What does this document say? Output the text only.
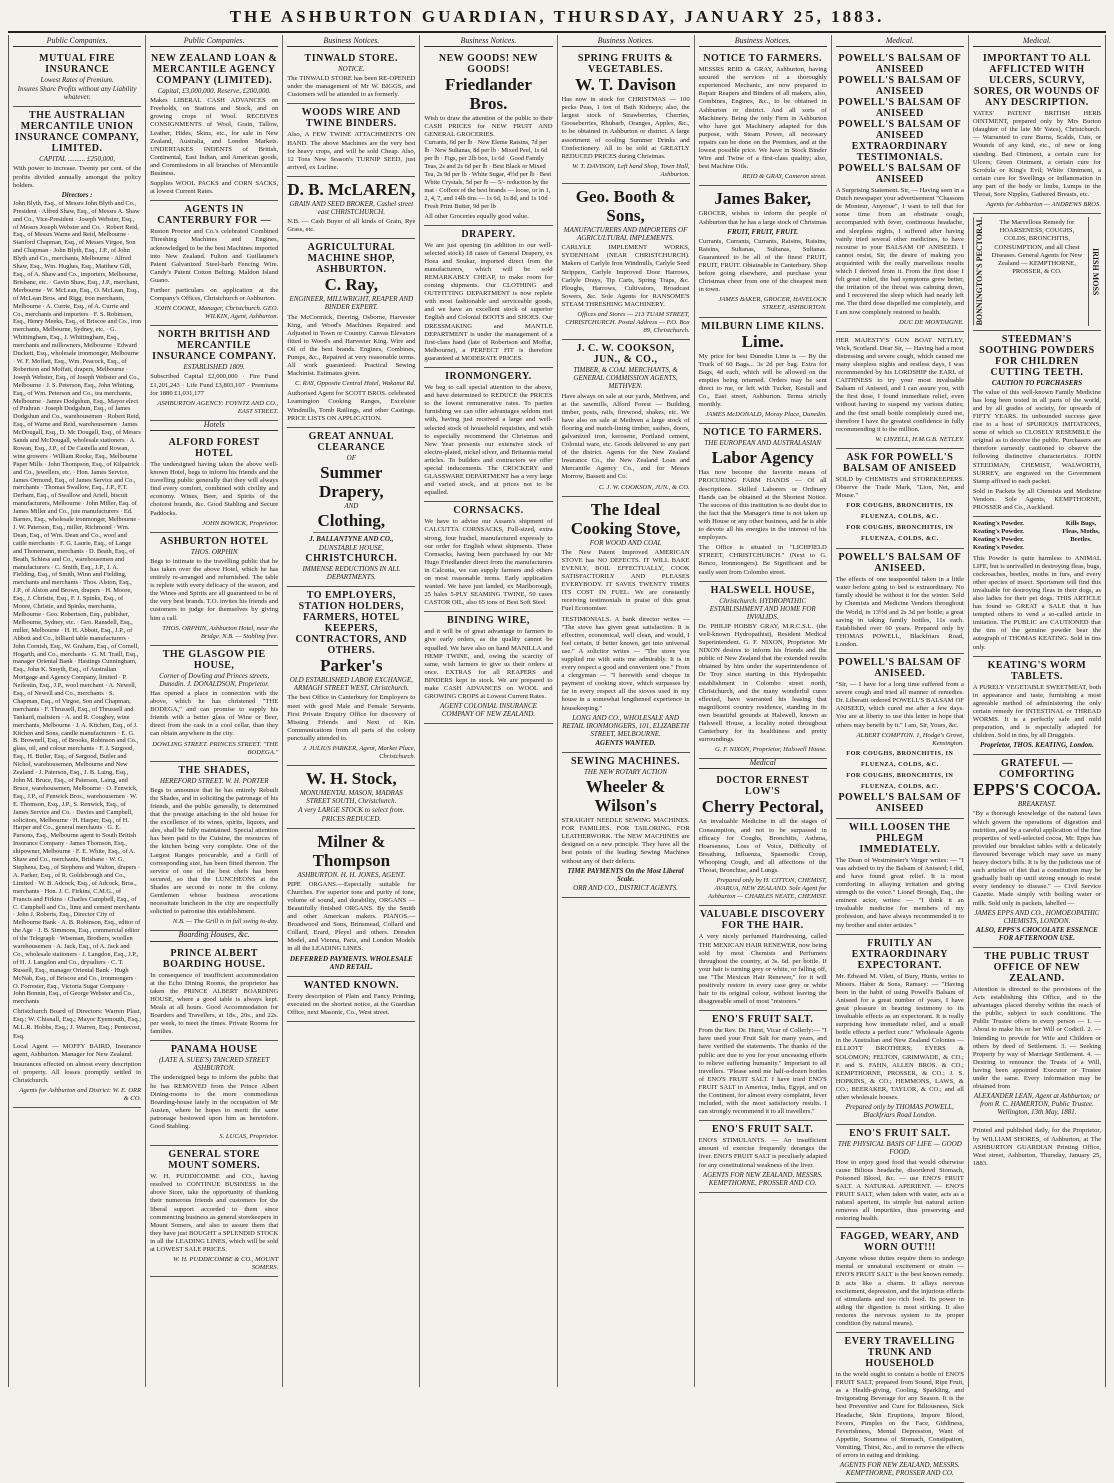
THE ASHBURTON GUARDIAN, THURSDAY, JANUARY 25, 1883.
Public Companies.
MUTUAL FIRE INSURANCE
Lowest Rates of Premium.
Insures Share Profits without any Liability whatever.
THE AUSTRALIAN MERCANTILE UNION INSURANCE COMPANY, LIMITED.
CAPITAL .......... £250,000,
With power to increase. Twenty per cent. of the profits divided annually amongst the policy holders.
Directors :
John Blyth, Esq., of Messrs John Blyth and Co., President · Alfred Shaw, Esq., of Messrs A. Shaw and Co., Vice-President · Joseph Webster, Esq., of Messrs Joseph Webster and Co. · Robert Reid, Esq., of Messrs Warne and Reid, Melbourne · Stanford Chapman, Esq., of Messrs Virgoe, Son and Chapman · John Blyth, Esq., J.P., of John Blyth and Co., merchants, Melbourne · Alfred Shaw, Esq., Wm. Hughes, Esq., Matthew Gill, Esq., of A. Shaw and Co., importers, Melbourne, Brisbane, etc. · Gavin Shaw, Esq., J.P., merchant, Merbourne · W. McLean, Esq., O. McLean, Esq., of McLean Bros. and Rigg, iron merchants, Melbourne · A. Currie, Esq., of A. Currie and Co., merchants and importers · F. S. Robinson, Esq., Henry Meeks, Esq., of Briscoe and Co., iron merchants, Melbourne, Sydney, etc. · G. Whittingham, Esq., J. Whittingham, Esq., merchants and millowners, Melbourne · Edward Duckett, Esq., wholesale ironmonger, Melbourne · W. F. Moffatt, Esq., Wm. Peacock, Esq., of Robertson and Moffatt, drapers, Melbourne · Joseph Webster, Esq., of Joseph Webster and Co., Melbourne · J. S. Peterson, Esq., John Whiting, Esq., of Wm. Peterson and Co., tea merchants, Melbourne · James Dodgshun, Esq., Mayor elect of Prahran · Joseph Dodgshun, Esq., of James Dodgshun and Co., warehousemen · Robert Reid, Esq., of Warne and Reid, warehousemen · James McDougall, Esq., D. Mc Dougall, Esq., of Messrs Sands and McDougall, wholesale stationers · A. Rowan, Esq., J.P., of De Castella and Rowan, wine growers · William Rooke, Esq., Melbourne Paper Mills · John Thompson, Esq., of Kilpatrick and Co., jewellers, etc. · Hon. James Service, James Ormond, Esq., of James Service and Co., merchants · Thomas Swallow, Esq., J.P., F.T. Derham, Esq., of Swallow and Ariell, biscuit manufacturers, Melbourne · John Miller, Esq. of James Miller and Co., jute manufacturers · Ed. Barnes, Esq., wholesale ironmonger, Melbourne · J. W. Paterson, Esq., miller, Richmond · Wm. Dean, Esq., of Wm. Dean and Co., wool and cattle merchants · F. G. Laurie, Esq., of Lange and Thonemann, merchants · D. Beath, Esq., of Beath, Schiess and Co., warehousemen and manufacturers · C. Smith, Esq., J.P., J. A. Fielding, Esq., of Smith, Winn and Fielding, merchants and merchants · Thos. Alston, Esq., J.P., of Alston and Brown, drapers · H. Moore, Esq., J. Christie, Esq., F. J. Spinks, Esq., of Moore, Christie, and Spinks, merchants, Melbourne · Geo. Robertson, Esq., publisher, Melbourne, Sydney, etc. · Geo. Ransdell, Esq., miller, Melbourne · H. H. Abbott, Esq., J.P., of Abbott and Co., billiard table manufacturers · John Cornish, Esq., W. Graham, Esq., of Cornell, Hogarth, and Co., merchants · G. M. Traill, Esq., manager Oriental Bank · Hastings Cunningham, Esq., John K. Smyth, Esq., of Australian Mortgage and Agency Company, limited · P. Neilestin, Esq., J.P., wool merchant · A. Newell, Esq., of Newell and Co., merchants · S. Chapman, Esq., of Virgoe, Son and Chapman, merchants · F. Thrussell, Esq., of Thrussell and Tankard, maltsters · A. and R. Coughey, wine merchants, Melbourne · J. A. Kitchen, Esq., of J. Kitchen and Sons, candle manufacturers · E. G. B. Brownell, Esq., of Brooks, Robinson and Co., glass, oil, and colour merchants · F. J. Sargood, Esq., H. Butler, Esq., of Sargood, Butler and Nichol, warehousemen, Melbourne and New Zealand · J. Paterson, Esq., J. B. Laing, Esq., John M. Bruce, Esq., of Paterson, Laing, and Bruce, warehousemen, Melbourne · O. Fenwick, Esq., J.P., of Fenwick Bros., warehousemen · W. E. Thomson, Esq., J.P., S. Renwick, Esq., of James Service and Co. · Davies and Campbell, solicitors, Melbourne · H. Harper, Esq., of H. Harper and Co., general merchants · G. E. Parsons, Esq., Melbourne agent to South British Insurance Company · James Thomson, Esq., shipowner, Melbourne · F. E. White, Esq., of A. Shaw and Co., merchants, Brisbane · W. G. Stephens, Esq., of Stephens and Walton, drapers · A. Parker, Esq., of R. Goldsbrough and Co., Limited · W. B. Adcock, Esq., of Adcock, Bros., merchants · Hon. J. C. Firkins, C.M.G., of Francis and Firkins · Charles Campbell, Esq., of C. Campbell and Co., lime and cement merchants · John J. Roberts, Esq., Director City of Melbourne Bank · A. B. Robinson, Esq., editor of the Age · J. B. Simmons, Esq., commercial editor of the Telegraph · Wiseman, Brothers, woollen warehousemen · A. Jack, Esq., of A. Jack and Co., wholesale stationers · J. Langdon, Esq., J.P., of H. J. Langdon and Co., drysalters · C. T. Russell, Esq., manager Oriental Bank · Hugh McNab, Esq., of Briscoe and Co., ironmongers · O. Forrester, Esq., Victoria Sugar Company · John Bonnin, Esq., of George Webster and Co., merchants
Christchurch Board of Directors: Warren Plast, Esq.; W. Chisnall, Esq.; Mayor Eyemouth, Esq.; M.L.R. Hobbs, Esq.; J. Warren, Esq.; Pentecost, Esq.
Local Agent — MOFFY BAIRD, Insurance agent, Ashburton. Manager for New Zealand.
Insurances effected on almost every description of property. All losses promptly settled in Christchurch.
Agents for Ashburton and District: W. E. ORR & CO.
Public Companies.
NEW ZEALAND LOAN & MERCANTILE AGENCY COMPANY (LIMITED).
Capital, £3,000,000. Reserve, £200,000.
Makes LIBERAL CASH ADVANCES on Freeholds, on Stations and Stock, and on growing crops of Wool. RECEIVES CONSIGNMENTS of Wool, Grain, Tallow, Leather, Hides, Skins, etc., for sale in New Zealand, Australia, and London Markets. UNDERTAKES INDENTS of British, Continental, East Indian, and American goods, and Commissions in all branches of Mercantile Business.
Supplies WOOL PACKS and CORN SACKS, at lowest Current Rates.
AGENTS IN CANTERBURY FOR —
Ruston Proctor and Co.'s celebrated Combined Threshing Machines and Engines, acknowledged to be the best Machines imported into New Zealand. Fulton and Guillaume's Patent Galvanized Steel-barb Fencing Wire. Candy's Patent Cotton Belting. Maldon Island Guano.
Further particulars on application at the Company's Offices, Christchurch or Ashburton.
JOHN COOKE, Manager, Christchurch. GEO. WILKIN, Agent, Ashburton.
NORTH BRITISH AND MERCANTILE INSURANCE COMPANY.
ESTABLISHED 1809.
Subscribed Capital £2,000,000 · Fire Fund £1,201,243 · Life Fund £3,803,107 · Premiums for 1880 £1,031,177
ASHBURTON AGENCY: FOYNTZ AND CO., EAST STREET.
Hotels
ALFORD FOREST HOTEL
The undersigned having taken the above well-known Hotel, begs to inform his friends and the travelling public generally that they will always find every comfort, combined with civility and economy. Wines, Beer, and Spirits of the choicest brands, &c. Good Stabling and Secure Paddocks.
JOHN BOWICK, Proprietor.
ASHBURTON HOTEL
THOS. ORPHIN
Begs to intimate to the travelling public that he has taken over the above Hotel, which he has entirely re-arranged and refurnished. The table is replete with every delicacy of the season, and the Wines and Spirits are all guaranteed to be of the very best brands. T.O. invites his friends and customers to judge for themselves by giving him a call.
THOS. ORPHIN, Ashburton Hotel, near the Bridge. N.B. — Stabling free.
THE GLASGOW PIE HOUSE,
Corner of Dowling and Princes streets, Dunedin. J. DONALDSON, Proprietor.
Has opened a place in connection with the above, which he has christened "THE BODEGA," and can promise to supply his friends with a better glass of Wine or Beer, direct from the cask in a cool cellar, than they can obtain anywhere in the city.
DOWLING STREET. PRINCES STREET. "THE BODEGA."
THE SHADES,
HEREFORD STREET. W. H. PORTER
Begs to announce that he has entirely Rebuilt the Shades, and in soliciting the patronage of his friends, and the public generally, is determined that the prestige attaching to the old house for the excellence of its wines, spirits, liquors, and ales, shall be fully maintained. Special attention has been paid to the Cuisine, the resources of the kitchen being very complete. One of the Largest Ranges procurable, and a Grill of corresponding size, has been fitted thereon. The service of one of the best chefs has been secured, so that the LUNCHEONS at the Shades are second to none in the colony. Gentlemen whose business avocations necessitate luncheon in the city are respectfully solicited to patronise this establishment.
N.B. — The Grill is in full swing to-day.
Boarding Houses, &c.
PRINCE ALBERT BOARDING HOUSE.
In consequence of insufficient accommodation at the Echo Dining Rooms, the proprietor has taken the PRINCE ALBERT BOARDING HOUSE, where a good table is always kept. Meals at all hours. Good Accommodation for Boarders and Travellers, at 18s., 20s., and 22s. per week, to meet the times. Private Rooms for families.
PANAMA HOUSE
(LATE A. SUEE'S) TANCRED STREET ASHBURTON.
The undersigned begs to inform the public that he has REMOVED from the Prince Albert Dining-rooms to the more commodious Boarding-house lately in the occupation of Mr Austen, where he hopes to merit the same patronage bestowed upon him as heretofore. Good Stabling.
S. LUCAS, Proprietor.
GENERAL STORE MOUNT SOMERS.
W. H. PUDDICOMBE and CO., having resolved to CONTINUE BUSINESS in the above Store, take the opportunity of thanking their numerous friends and customers for the liberal support accorded to them since commencing business as general storekeepers in Mount Somers, and also to assure them that they have just BOUGHT a SPLENDID STOCK in all the LEADING LINES, which will be sold at LOWEST SALE PRICES.
W. H. PUDDICOMBE & CO., MOUNT SOMERS.
Business Notices.
TINWALD STORE.
NOTICE.
The TINWALD STORE has been RE-OPENED under the management of Mr W. BIGGS, and Customers will be attended to as formerly.
WOODS WIRE AND TWINE BINDERS.
Also, A FEW TWINE ATTACHMENTS ON HAND. The above Machines are the very best for heavy crops, and will be sold Cheap. Also, 12 Tons New Season's TURNIP SEED, just arrived, ex Lurline.
D. B. McLAREN,
GRAIN AND SEED BROKER, Cashel street east CHRISTCHURCH.
N.B. — Cash Buyer of all kinds of Grain, Rye Grass, etc.
AGRICULTURAL MACHINE SHOP, ASHBURTON.
C. Ray,
ENGINEER, MILLWRIGHT, REAPER AND BINDER EXPERT.
The McCormick, Deering, Osborne, Harvester King, and Wood's Machines Repaired and Adjusted in Town or Country. Canvas Elevators fitted to Wood's and Harvester King. Wire and Oil of the best brands. Engines, Combines, Pumps, &c., Repaired at very reasonable terms. All work guaranteed. Practical Sewing Machinist. Estimates given.
C. RAY, Opposite Central Hotel, Wakanui Rd.
Authorised Agent for SCOTT BROS. celebrated Leamington Cooking Ranges, Excelsior Windmills, Tomb Railings, and other Castings. PRICE LISTS ON APPLICATION.
GREAT ANNUAL CLEARANCE
OF
Summer Drapery,
AND
Clothing,
J. BALLANTYNE AND CO.,
DUNSTABLE HOUSE,
CHRISTCHURCH.
IMMENSE REDUCTIONS IN ALL DEPARTMENTS.
TO EMPLOYERS, STATION HOLDERS, FARMERS, HOTEL KEEPERS, CONTRACTORS, AND OTHERS.
Parker's
OLD ESTABLISHED LABOR EXCHANGE, ARMAGH STREET WEST, Christchurch.
The best Office in Canterbury for Employers to meet with good Male and Female Servants. First Private Enquiry Office for discovery of Missing Friends and Next of Kin. Communications from all parts of the colony punctually attended to.
J. JULIUS PARKER, Agent, Market Place, Christchurch.
W. H. Stock,
MONUMENTAL MASON, MADRAS STREET SOUTH, Christchurch.
A very LARGE STOCK to select from. PRICES REDUCED.
Milner & Thompson
ASHBURTON. H. H. JONES, AGENT.
PIPE ORGANS.—Especially suitable for Churches. For superior tone and purity of tone, volume of sound, and durability, ORGANS — Beautifully finished ORGANS. By the Smith and other American makers. PIANOS.—Broadwood and Sons, Brinsmead, Collard and Collard, Erard, Pleyel and others. Dresden Model, and Vienna, Paris, and London Models in all the LEADING LINES.
DEFERRED PAYMENTS. WHOLESALE AND RETAIL.
WANTED KNOWN.
Every description of Plain and Fancy Printing, executed on the shortest notice, at the Guardian Office, next Masonic, Co., West street.
Business Notices.
NEW GOODS! NEW GOODS!
Friedlander Bros.
Wish to draw the attention of the public to their CASH PRICES for NEW FRUIT AND GENERAL GROCERIES.
Currants, 6d per lb · New Eleme Raisins, 7d per lb · New Sultanas, 8d per lb · Mixed Peel, 1s 6d per lb · Figs, per 2lb box, 1s 6d · Good Family Teas, 2s and 2s 6d per lb · Best Black or Mixed Tea, 2s 9d per lb · White Sugar, 4½d per lb · Best White Crystals, 5d per lb — 5/- reduction by the mat · Coffees of the best brands — loose, or in 1, 2, 4, 7, and 14lb tins — 1s 6d, 1s 8d, and 1s 10d · Fresh Print Butter, 9d per lb
All other Groceries equally good value.
DRAPERY.
We are just opening (in addition to our well-selected stock) 18 cases of General Drapery, ex Hoea and Soukar, imported direct from the manufacturers, which will be sold REMARKABLY CHEAP, to make room for coming shipments. Our CLOTHING and OUTFITTING DEPARTMENT is now replete with most fashionable and serviceable goods, and we have an excellent stock of superior English and Colonial BOOTS and SHOES. Our DRESSMAKING and MANTLE DEPARTMENT is under the management of a first-class hand (late of Robertson and Moffat, Melbourne), a PERFECT FIT is therefore guaranteed at MODERATE PRICES.
IRONMONGERY.
We beg to call special attention to the above, and have determined to REDUCE the PRICES to the lowest remunerative rates. To parties furnishing we can offer advantages seldom met with, having just received a large and well-selected stock of household requisites, and wish to especially recommend the Christmas and New Year presents our extensive stock of electro-plated, nickel silver, and Britannia metal articles. To builders and contractors we offer special inducements. The CROCKERY and GLASSWARE DEPARTMENT has a very large and varied stock, and at prices not to be equalled.
CORNSACKS.
We have to advise our Assam's shipment of CALCUTTA CORNSACKS, Full-sized, extra strong, four bushel, manufactured expressly to our order for English wheat shipments. These Cornsacks, having been purchased by our Mr Hugo Friedlander direct from the manufacturers in Calcutta, we can supply farmers and others on most reasonable terms. Early application wanted. We have just landed, ex Marlborough, 25 bales 5-PLY SEAMING TWINE, 50 cases CASTOR OIL, also 65 tons of Best Soft Steel
BINDING WIRE,
and it will be of great advantage to farmers to give early orders, as the quality cannot be equalled. We have also on hand MANILLA and HEMP TWINE, and, owing the scarcity of same, wish farmers to give us their orders at once. EXTRAS for all REAPERS and BINDERS kept in stock. We are prepared to make CASH ADVANCES on WOOL and GROWING CROPS at Lowest Current Rates.
AGENT COLONIAL INSURANCE COMPANY OF NEW ZEALAND.
Business Notices.
SPRING FRUITS & VEGETABLES.
W. T. Davison
Has now in stock for CHRISTMAS — 100 pecks Peas, 1 ton of Bath Kidneys; also, the largest stock of Strawberries, Cherries, Gooseberries, Rhubarb, Oranges, Apples, &c., to be obtained in Ashburton or district. A large assortment of cooling Summer Drinks and Confectionery. All to be sold at GREATLY REDUCED PRICES during Christmas.
W. T. DAVISON, Left hand Shop, Town Hall, Ashburton.
Geo. Booth & Sons,
MANUFACTURERS AND IMPORTERS OF AGRICULTURAL IMPLEMENTS.
CARLYLE IMPLEMENT WORKS, SYDENHAM (NEAR CHRISTCHURCH). Makers of Carlyle Iron Windmills, Carlyle Seed Strippers, Carlyle Improved Door Harrows, Carlyle Drays, Tip Carts, Spring Traps, &c. Ploughs, Harrows, Cultivators, Broadcast Sowers, &c. Sole Agents for RANSOME'S STEAM THRESHING MACHINERY.
Offices and Stores — 213 TUAM STREET, CHRISTCHURCH. Postal Address — P.O. Box 89, Christchurch.
J. C. W. COOKSON, JUN., & CO.,
TIMBER, & COAL MERCHANTS, & GENERAL COMMISSION AGENTS, METHVEN.
Have always on sale at our yards, Methven, and at the sawmills, Alford Forest — Building timber, posts, rails, firewood, shakes, etc. We have also on sale at Methven a large stock of flooring and match-lining timber, sashes, doors, galvanized iron, kerosene, Portland cement, Colonial ware, etc. Goods delivered to any part of the district. Agents for the New Zealand Insurance Co., the New Zealand Loan and Mercantile Agency Co., and for Messrs Morrow, Bassett and Co.
C. J. W. COOKSON, JUN., & CO.
The Ideal Cooking Stove,
FOR WOOD AND COAL
The New Patent Improved AMERICAN STOVE has NO DEFECTS. IT WILL BAKE EVENLY, BOIL EFFECTUALLY, COOK SATISFACTORILY AND PLEASES EVERYBODY. IT SAVES TWENTY TIMES ITS COST IN FUEL. We are constantly receiving testimonials in praise of this great Fuel Economiser.
TESTIMONIALS. A bank director writes — "The stove has given great satisfaction. It is effective, economical, well clean, and would, I feel certain, if better known, get into universal use." A solicitor writes — "The stove you supplied me with suits me admirably. It is in every respect a good and convenient one." From a clergyman — "I herewith send cheque in payment of cooking stove, which surpasses by far in every respect all the stoves used in my house in a somewhat lengthened experience in housekeeping."
LONG AND CO., WHOLESALE AND RETAIL IRONMONGERS, 101, ELIZABETH STREET, MELBOURNE.
AGENTS WANTED.
SEWING MACHINES.
THE NEW ROTARY ACTION
Wheeler & Wilson's
STRAIGHT NEEDLE SEWING MACHINES. FOR FAMILIES. FOR TAILORING. FOR LEATHERWORK. The NEW MACHINES are designed on a new principle. They have all the best points of the leading Sewing Machines without any of their defects.
TIME PAYMENTS On the Most Liberal Scale.
ORR AND CO., DISTRICT AGENTS.
Business Notices.
NOTICE TO FARMERS.
MESSRS REID & GRAY, Ashburton, having secured the services of a thoroughly experienced Mechanic, are now prepared to Repair Reapers and Binders of all makers, also, Combines, Engines, &c., to be obtained in Ashburton or district. And all sorts of Machinery. Being the only Firm in Ashburton who have got Machinery adapted for this purpose, with Steam Power, all necessary repairs can be done on the Premises, and at the lowest possible price. We have in Stock Binder Wire and Twine of a first-class quality; also, best Machine Oils.
REID & GRAY, Cameron street.
James Baker,
GROCER, wishes to inform the people of Ashburton that he has a large stock of Christmas
FRUIT, FRUIT, FRUIT.
Currants, Currants, Currants, Raisins, Raisins, Raisins, Sultanas, Sultanas, Sultanas. Guaranteed to be all of the finest FRUIT, FRUIT, FRUIT. Obtainable in Canterbury. Shop before going elsewhere, and purchase your Christmas cheer from one of the cheapest men in town.
JAMES BAKER, GROCER, HAVELOCK STREET, ASHBURTON.
MILBURN LIME KILNS.
Lime.
My price for best Dunedin Lime is — By the Truck of 60 Bags... 3s 2d per bag. Extra for Bags, 4d each, which will be allowed on the empties being returned. Orders may be sent direct to me, or left with Tucker, Kestall and Co., East street, Ashburton. Terms strictly monthly.
JAMES McDONALD, Moray Place, Dunedin.
NOTICE TO FARMERS.
THE EUROPEAN AND AUSTRALASIAN
Labor Agency
Has now become the favorite means of PROCURING FARM HANDS — Of all descriptions. Skilled Laborers or Ordinary Hands can be obtained at the Shortest Notice. The success of this institution is no doubt due to the fact that the Manager's time is not taken up with House or any other business, and he is able to devote all his energies in the interest of his employers.
The Office is situated in "LICHFIELD STREET, CHRISTCHURCH." (Next to G. Renco, Ironmongers). Be Significant and be easily seen from Colombo street.
HALSWELL HOUSE,
Christchurch. HYDROPATHIC ESTABLISHMENT AND HOME FOR INVALIDS.
Dr. PHILIP HOBBY GRAY, M.R.C.S.L. (the well-known Hydropathist), Resident Medical Superintendent. G. F. NIXON, Proprietor. Mr NIXON desires to inform his friends and the public of New Zealand that the extended results obtained by him under the superintendence of Dr Troy since starting in this Hydropathic establishment in Colombo street north, Christchurch, and the many wonderful cures effected, have warranted his leasing that magnificent country residence, standing in its own beautiful grounds at Halswell, known as Halswell House, a locality noted throughout Canterbury for its healthiness and pretty surroundings.
G. F. NIXON, Proprietor, Halswell House.
Medical
DOCTOR ERNEST LOW'S
Cherry Pectoral,
An invaluable Medicine in all the stages of Consumption, and not to be surpassed in efficacy for Coughs, Bronchitis, Asthma, Hoarseness, Loss of Voice, Difficulty of Breathing, Influenza, Spasmodic Croup, Whooping Cough, and all affections of the Throat, Bronchise, and Lungs.
Prepared only by H. CITTON, CHEMIST, AVARUA, NEW ZEALAND. Sole Agent for Ashburton — CHARLES NEATE, CHEMIST.
VALUABLE DISCOVERY FOR THE HAIR.
A very nicely perfumed Hairdressing, called THE MEXICAN HAIR RENEWER, now being sold by most Chemists and Perfumers throughout the country, at 3s. 6d. per bottle. If your hair is turning grey or white, or falling off, use "The Mexican Hair Renewer," for it will positively restore in every case grey or white hair to its original colour, without leaving the disagreeable smell of most "restorers."
ENO'S FRUIT SALT.
From the Rev. Dr. Hurst, Vicar of Collerly:— "I have used your Fruit Salt for many years, and have verified the statements. The thanks of the public are due to you for your unceasing efforts to relieve suffering humanity." Important to all travellers. "Please send me half-a-dozen bottles of ENO'S FRUIT SALT. I have tried ENO'S FRUIT SALT in America, India, Egypt, and on the Continent, for almost every complaint, fever included, with the most satisfactory results. I can strongly recommend it to all travellers."
ENO'S FRUIT SALT.
ENO'S STIMULANTS. — An insufficient amount of exercise frequently deranges the liver. ENO'S FRUIT SALT is peculiarly adapted for any constitutional weakness of the liver.
AGENTS FOR NEW ZEALAND, MESSRS. KEMPTHORNE, PROSSER AND CO.
Medical.
POWELL'S BALSAM OF ANISEED
POWELL'S BALSAM OF ANISEED
POWELL'S BALSAM OF ANISEED
POWELL'S BALSAM OF ANISEED
EXTRAORDINARY TESTIMONIALS.
POWELL'S BALSAM OF ANISEED
A Surprising Statement. Sir, — Having seen in a Dutch newspaper your advertisement "Chassons de Monteur, Anyroue", I want to tell that for some time from an obstinate cough, accompanied with fever, continuous headache, and sleepless nights, I suffered after having vainly tried several other medicines, to have recourse to your BALSAM OF ANISEED. I cannot resist, Sir, the desire of making you acquainted with the really marvellous results which I derived from it. From the first dose I felt great relief, the bad symptoms grew better, the irritation of the throat was calming down, and I recovered the sleep which had nearly left me. The third dose dispelled me completely, and I am now completely restored to health.
DUC DE MONTAIGNE.
HER MAJESTY'S GUN BOAT NETLEY, Wick, Scotland. Dear Sir, — Having had a most distressing and severe cough, which caused me many sleepless nights and restless days, I was recommended by his LORDSHIP the EARL of CAITHNESS to try your most invaluable Balsam of Aniseed, and I can assure you, with the first dose, I found immediate relief, even without having to suspend my various duties; and the first small bottle completely cured me, therefore I have the greatest confidence in fully recommending it to the million.
W. LINZELL, H.M.G.B. NETLEY.
ASK FOR POWELL'S BALSAM OF ANISEED
SOLD by CHEMISTS and STOREKEEPERS. Observe the Trade Mark, "Lion, Net, and Mouse."
FOR COUGHS, BRONCHITIS, IN FLUENZA, COLDS, &C.
FOR COUGHS, BRONCHITIS, IN FLUENZA, COLDS, &C.
POWELL'S BALSAM OF ANISEED.
The effects of one teaspoonful taken in a little water before going to bed is extraordinary. No family should be without it for the winter. Sold by Chemists and Medicine Vendors throughout the World, in 13½d and 2s 3d per bottle; a great saving in taking family bottles, 11s each. Established over 60 years. Prepared only by THOMAS POWELL, Blackfriars Road, London.
POWELL'S BALSAM OF ANISEED.
"Sir, — I have for a long time suffered from a severe cough and tried all manner of remedies. Dr. Liberatti ordered POWELL'S BALSAM OF ANISEED, which cured me after a few days. You are at liberty to use this letter in hope that others may benefit by it." I am, Sir, Yours, &c.
ALBERT COMPTON. 1, Hodge's Grove, Kensington.
FOR COUGHS, BRONCHITIS, IN FLUENZA, COLDS, &C.
FOR COUGHS, BRONCHITIS, IN FLUENZA, COLDS, &C.
POWELL'S BALSAM OF ANISEED
WILL LOOSEN THE PHLEGM IMMEDIATELY.
The Dean of Westminster's Verger writes: — "I was advised to try the Balsam of Aniseed; I did, and have found great relief. It is most comforting in allaying irritation and giving strength to the voice." Lionel Brough, Esq., the eminent actor, writes: — "I think it an invaluable medicine for members of my profession, and have always recommended it to my brother and sister artistes."
FRUITLY AN EXTRAORDINARY EXPECTORANT.
Mr. Edward M. Vilett, of Bury, Hunts, writes to Messrs. Haber & Sons, Ramsey: — "Having been in the habit of using Powell's Balsam of Aniseed for a great number of years, I have great pleasure in bearing testimony to its invaluable effects as an expectorant. It is really surprising how immediate relief, and a small bottle effects a perfect cure." Wholesale Agents in the Australian and New Zealand Colonies — ELLIOTT BROTHERS; EYERS & SOLOMON; FELTON, GRIMWADE, & CO.; F. and S. FAHN, ALLEN BROS. & CO.; KEMPTHORNE, PROSSER, & CO.; J. S. HOPKINS, & CO.; HEMMONS, LAWS, & CO.; BEERAKER, TAYLOR, & CO.; and all other wholesale houses.
Prepared only by THOMAS POWELL, Blackfriars Road London.
ENO'S FRUIT SALT.
THE PHYSICAL BASIS OF LIFE — GOOD FOOD.
How to enjoy good food that would otherwise cause Bilious headache, disordered Stomach, Poisoned Blood, &c. — use ENO'S FRUIT SALT. A NATURAL APERIENT. — ENO'S FRUIT SALT, when taken with water, acts as a natural aperient, its simple but natural action removes all impurities, thus preserving and restoring health.
FAGGED, WEARY, AND WORN OUT!!!
Anyone whose duties require them to undergo mental or unnatural excitement or strain — ENO'S FRUIT SALT is the best known remedy. It acts like a charm. It allays nervous excitement, depression, and the injurious effects of stimulants and too rich food. Its power in aiding the digestion is most striking. It also restores the nervous system to its proper condition (by natural means).
EVERY TRAVELLING TRUNK AND HOUSEHOLD
in the world ought to contain a bottle of ENO'S FRUIT SALT, prepared from Sound, Ripe Fruit, as a Health-giving, Cooling, Sparkling, and Invigorating Beverage for any Season. It is the best Preventive and Cure for Biliousness, Sick Headache, Skin Eruptions, Impure Blood, Fevers, Pimples on the Face, Giddiness, Feverishness, Mental Depression, Want of Appetite, Sourness of Stomach, Constipation, Vomiting, Thirst, &c., and to remove the effects of errors in eating and drinking.
AGENTS FOR NEW ZEALAND, MESSRS. KEMPTHORNE, PROSSER AND CO.
Medical.
IMPORTANT TO ALL AFFLICTED WITH ULCERS, SCURVY, SORES, OR WOUNDS OF ANY DESCRIPTION.
YATES' PATENT BRITISH HERB OINTMENT, prepared only by Mrs Burton (daughter of the late Mr Yates), Christchurch. — Warranted to cure Burns, Scalds, Cuts, or Wounds of any kind, etc., of new or long standing. Bad Ointment, a certain cure for Ulcers; Green Ointment, a certain cure for Scrofula or King's Evil; White Ointment, a certain cure for Swellings or Inflammation in any part of the body or limbs, Lumps in the Throat, Sore Nipples, Gathered Breasts, etc.
Agents for Ashburton — ANDREWS BROS.
BONNINGTON'S PECTORAL	The Marvellous Remedy for HOARSENESS, COUGHS, COLDS, BRONCHITIS, CONSUMPTION, and all Chest Diseases. General Agents for New Zealand — KEMPTHORNE, PROSSER, & CO.	IRISH MOSS
STEEDMAN'S SOOTHING POWDERS FOR CHILDREN CUTTING TEETH.
CAUTION TO PURCHASERS
The value of this well-known Family Medicine has long been tested in all parts of the world, and by all grades of society, for upwards of FIFTY YEARS. Its unbounded success gave rise to a host of SPURIOUS IMITATIONS, some of which so CLOSELY RESEMBLE the original as to deceive the public. Purchasers are therefore earnestly cautioned to observe the following distinctive characteristics. JOHN STEEDMAN, CHEMIST, WALWORTH, SURREY, are engraved on the Government Stamp affixed to each packet.
Sold in Packets by all Chemists and Medicine Vendors. Sole Agents, KEMPTHORNE, PROSSER and Co., Auckland.
Keating's Powder.
Keating's Powder.
Keating's Powder.
Keating's Powder.
Kills Bugs, Fleas, Moths, Beetles.
This Powder is quite harmless to ANIMAL LIFE, but is unrivalled in destroying fleas, bugs, cockroaches, beetles, moths in furs, and every other species of insect. Sportsmen will find this invaluable for destroying fleas in their dogs, as also ladies for their pet dogs. THIS ARTICLE has found so GREAT a SALE that it has tempted others to vend a so-called article in imitation. The PUBLIC are CAUTIONED that the tins of the genuine powder bear the autograph of THOMAS KEATING. Sold in tins only.
KEATING'S WORM TABLETS.
A PURELY VEGETABLE SWEETMEAT, both in appearance and taste, furnishing a most agreeable method of administering the only certain remedy for INTESTINAL or THREAD WORMS. It is a perfectly safe and mild preparation, and is especially adapted for children. Sold in tins, by all Druggists.
Proprietor, THOS. KEATING, London.
GRATEFUL — COMFORTING
EPPS'S COCOA.
BREAKFAST.
"By a thorough knowledge of the natural laws which govern the operations of digestion and nutrition, and by a careful application of the fine properties of well-selected cocoa, Mr. Epps has provided our breakfast tables with a delicately flavoured beverage which may save us many heavy doctor's bills. It is by the judicious use of such articles of diet that a constitution may be gradually built up until strong enough to resist every tendency to disease." — Civil Service Gazette. Made simply with boiling water or milk. Sold only in packets, labelled —
JAMES EPPS AND CO., HOMOEOPATHIC CHEMISTS, LONDON.
ALSO, EPPS'S CHOCOLATE ESSENCE FOR AFTERNOON USE.
THE PUBLIC TRUST OFFICE OF NEW ZEALAND.
Attention is directed to the provisions of the Acts establishing this Office, and to the advantages placed thereby within the reach of the public, subject to such conditions. The Public Trustee offers to every person — 1. — About to make his or her Will or Codicil. 2. — Intending to provide for Wife and Children or others by deed of Settlement. 3. — Seeking Property by way of Marriage Settlement. 4. — Desiring to renounce the Trusts of a Will, having been appointed Executor or Trustee under the same. Every information may be obtained from
ALEXANDER LEAN, Agent at Ashburton; or from R. C. HAMERTON, Public Trustee. Wellington, 13th May, 1881.
Printed and published daily, for the Proprietor, by WILLIAM SHORES, of Ashburton, at The ASHBURTON GUARDIAN Printing Office, West street, Ashburton, Thursday, January 25, 1883.
